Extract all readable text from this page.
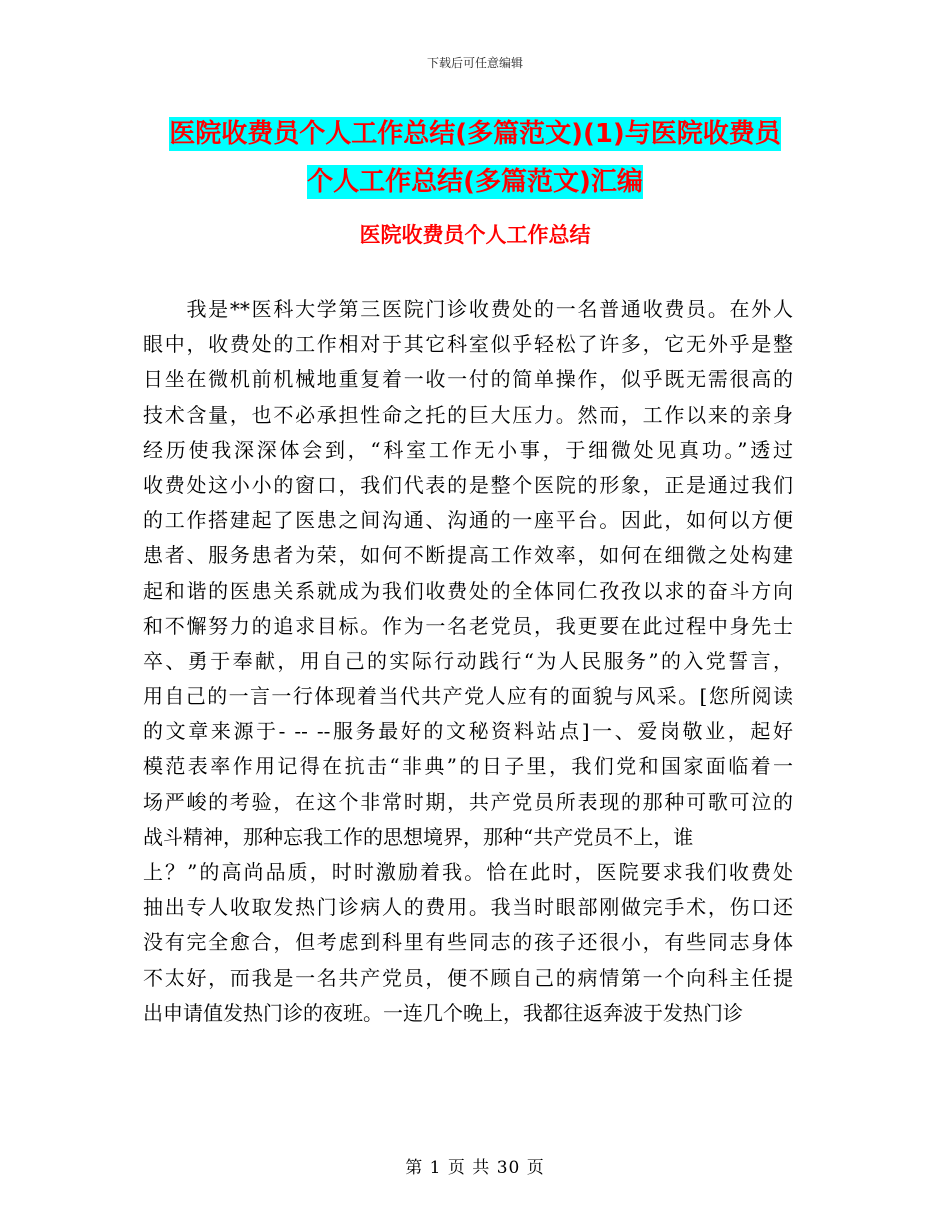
下载后可任意编辑
医院收费员个人工作总结(多篇范文)(1)与医院收费员
个人工作总结(多篇范文)汇编
医院收费员个人工作总结
　　我是**医科大学第三医院门诊收费处的一名普通收费员。在外人
眼中，收费处的工作相对于其它科室似乎轻松了许多，它无外乎是整
日坐在微机前机械地重复着一收一付的简单操作，似乎既无需很高的
技术含量，也不必承担性命之托的巨大压力。然而，工作以来的亲身
经历使我深深体会到，“科室工作无小事，于细微处见真功。”透过
收费处这小小的窗口，我们代表的是整个医院的形象，正是通过我们
的工作搭建起了医患之间沟通、沟通的一座平台。因此，如何以方便
患者、服务患者为荣，如何不断提高工作效率，如何在细微之处构建
起和谐的医患关系就成为我们收费处的全体同仁孜孜以求的奋斗方向
和不懈努力的追求目标。作为一名老党员，我更要在此过程中身先士
卒、勇于奉献，用自己的实际行动践行“为人民服务”的入党誓言，
用自己的一言一行体现着当代共产党人应有的面貌与风采。[您所阅读
的文章来源于- -- --服务最好的文秘资料站点]一、爱岗敬业，起好
模范表率作用记得在抗击“非典”的日子里，我们党和国家面临着一
场严峻的考验，在这个非常时期，共产党员所表现的那种可歌可泣的
战斗精神，那种忘我工作的思想境界，那种“共产党员不上，谁
上？”的高尚品质，时时激励着我。恰在此时，医院要求我们收费处
抽出专人收取发热门诊病人的费用。我当时眼部刚做完手术，伤口还
没有完全愈合，但考虑到科里有些同志的孩子还很小，有些同志身体
不太好，而我是一名共产党员，便不顾自己的病情第一个向科主任提
出申请值发热门诊的夜班。一连几个晚上，我都往返奔波于发热门诊
第 1 页 共 30 页
